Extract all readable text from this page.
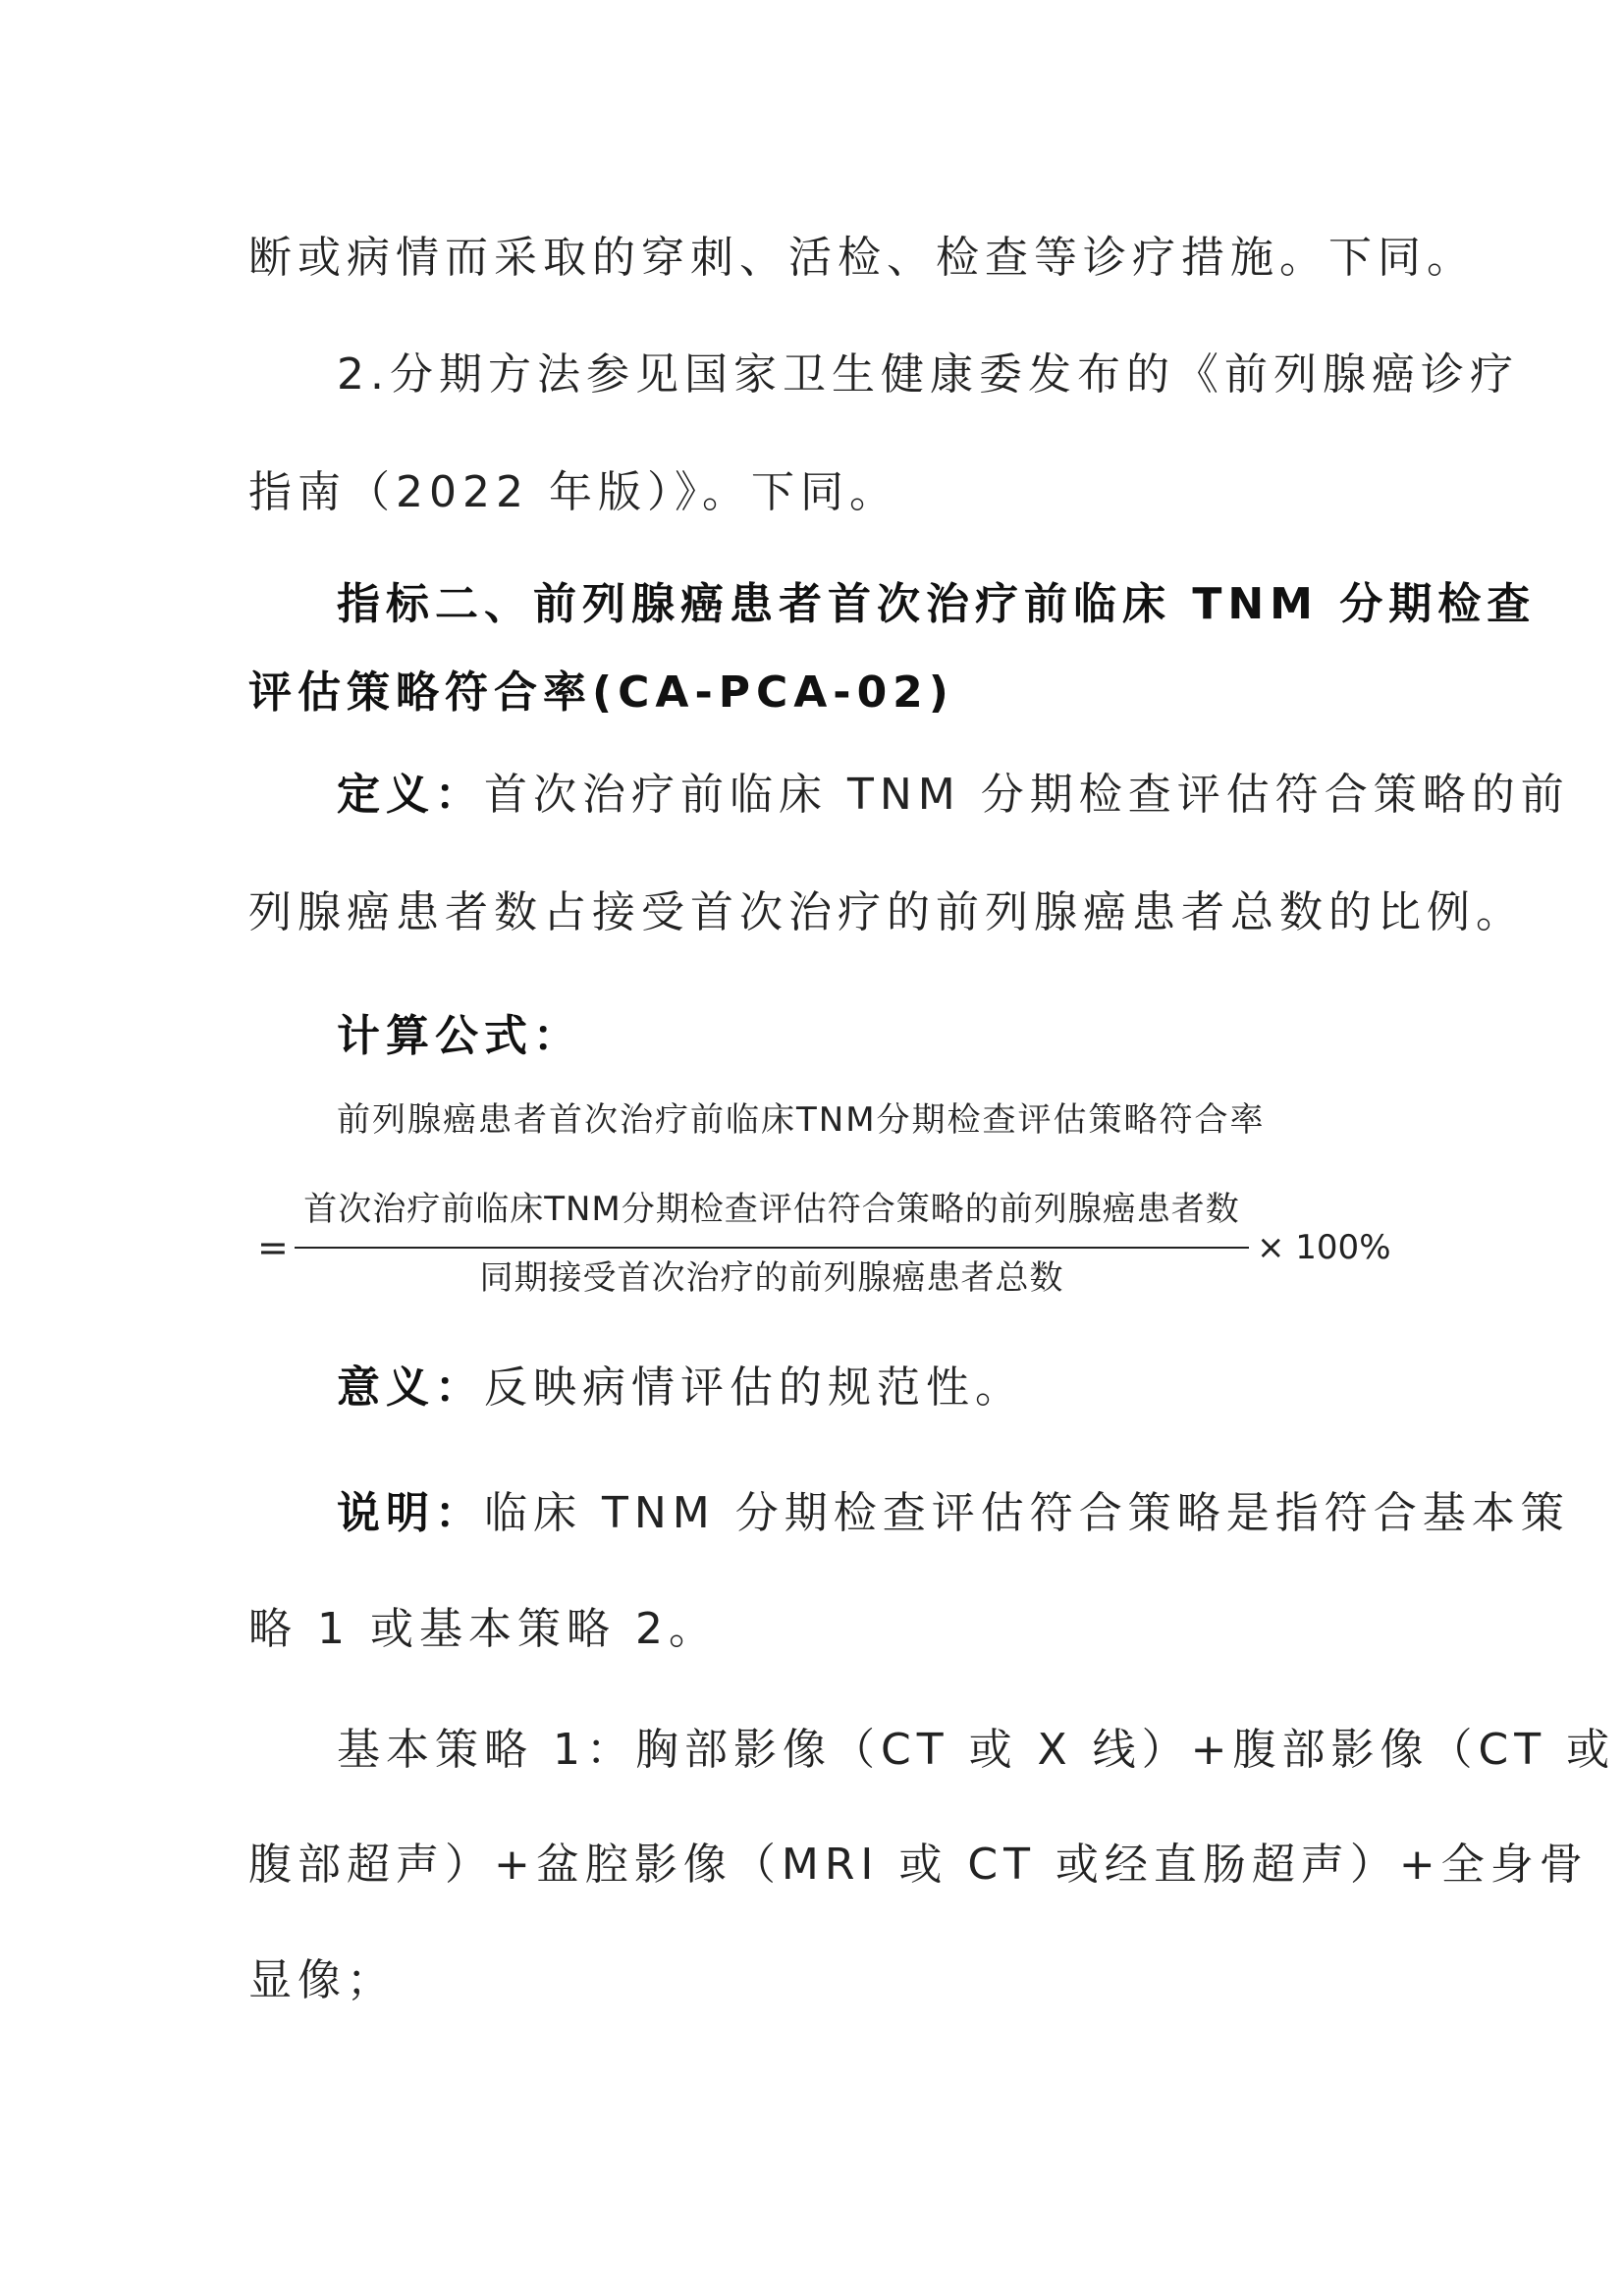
断或病情而采取的穿刺、活检、检查等诊疗措施。下同。
2.分期方法参见国家卫生健康委发布的《前列腺癌诊疗
指南（2022 年版）》。下同。
指标二、前列腺癌患者首次治疗前临床 TNM 分期检查
评估策略符合率(CA-PCA-02)
定义：首次治疗前临床 TNM 分期检查评估符合策略的前
列腺癌患者数占接受首次治疗的前列腺癌患者总数的比例。
计算公式：
前列腺癌患者首次治疗前临床TNM分期检查评估策略符合率
=
首次治疗前临床TNM分期检查评估符合策略的前列腺癌患者数
同期接受首次治疗的前列腺癌患者总数
× 100%
意义：反映病情评估的规范性。
说明：临床 TNM 分期检查评估符合策略是指符合基本策
略 1 或基本策略 2。
基本策略 1：胸部影像（CT 或 X 线）+腹部影像（CT 或
腹部超声）+盆腔影像（MRI 或 CT 或经直肠超声）+全身骨
显像；
